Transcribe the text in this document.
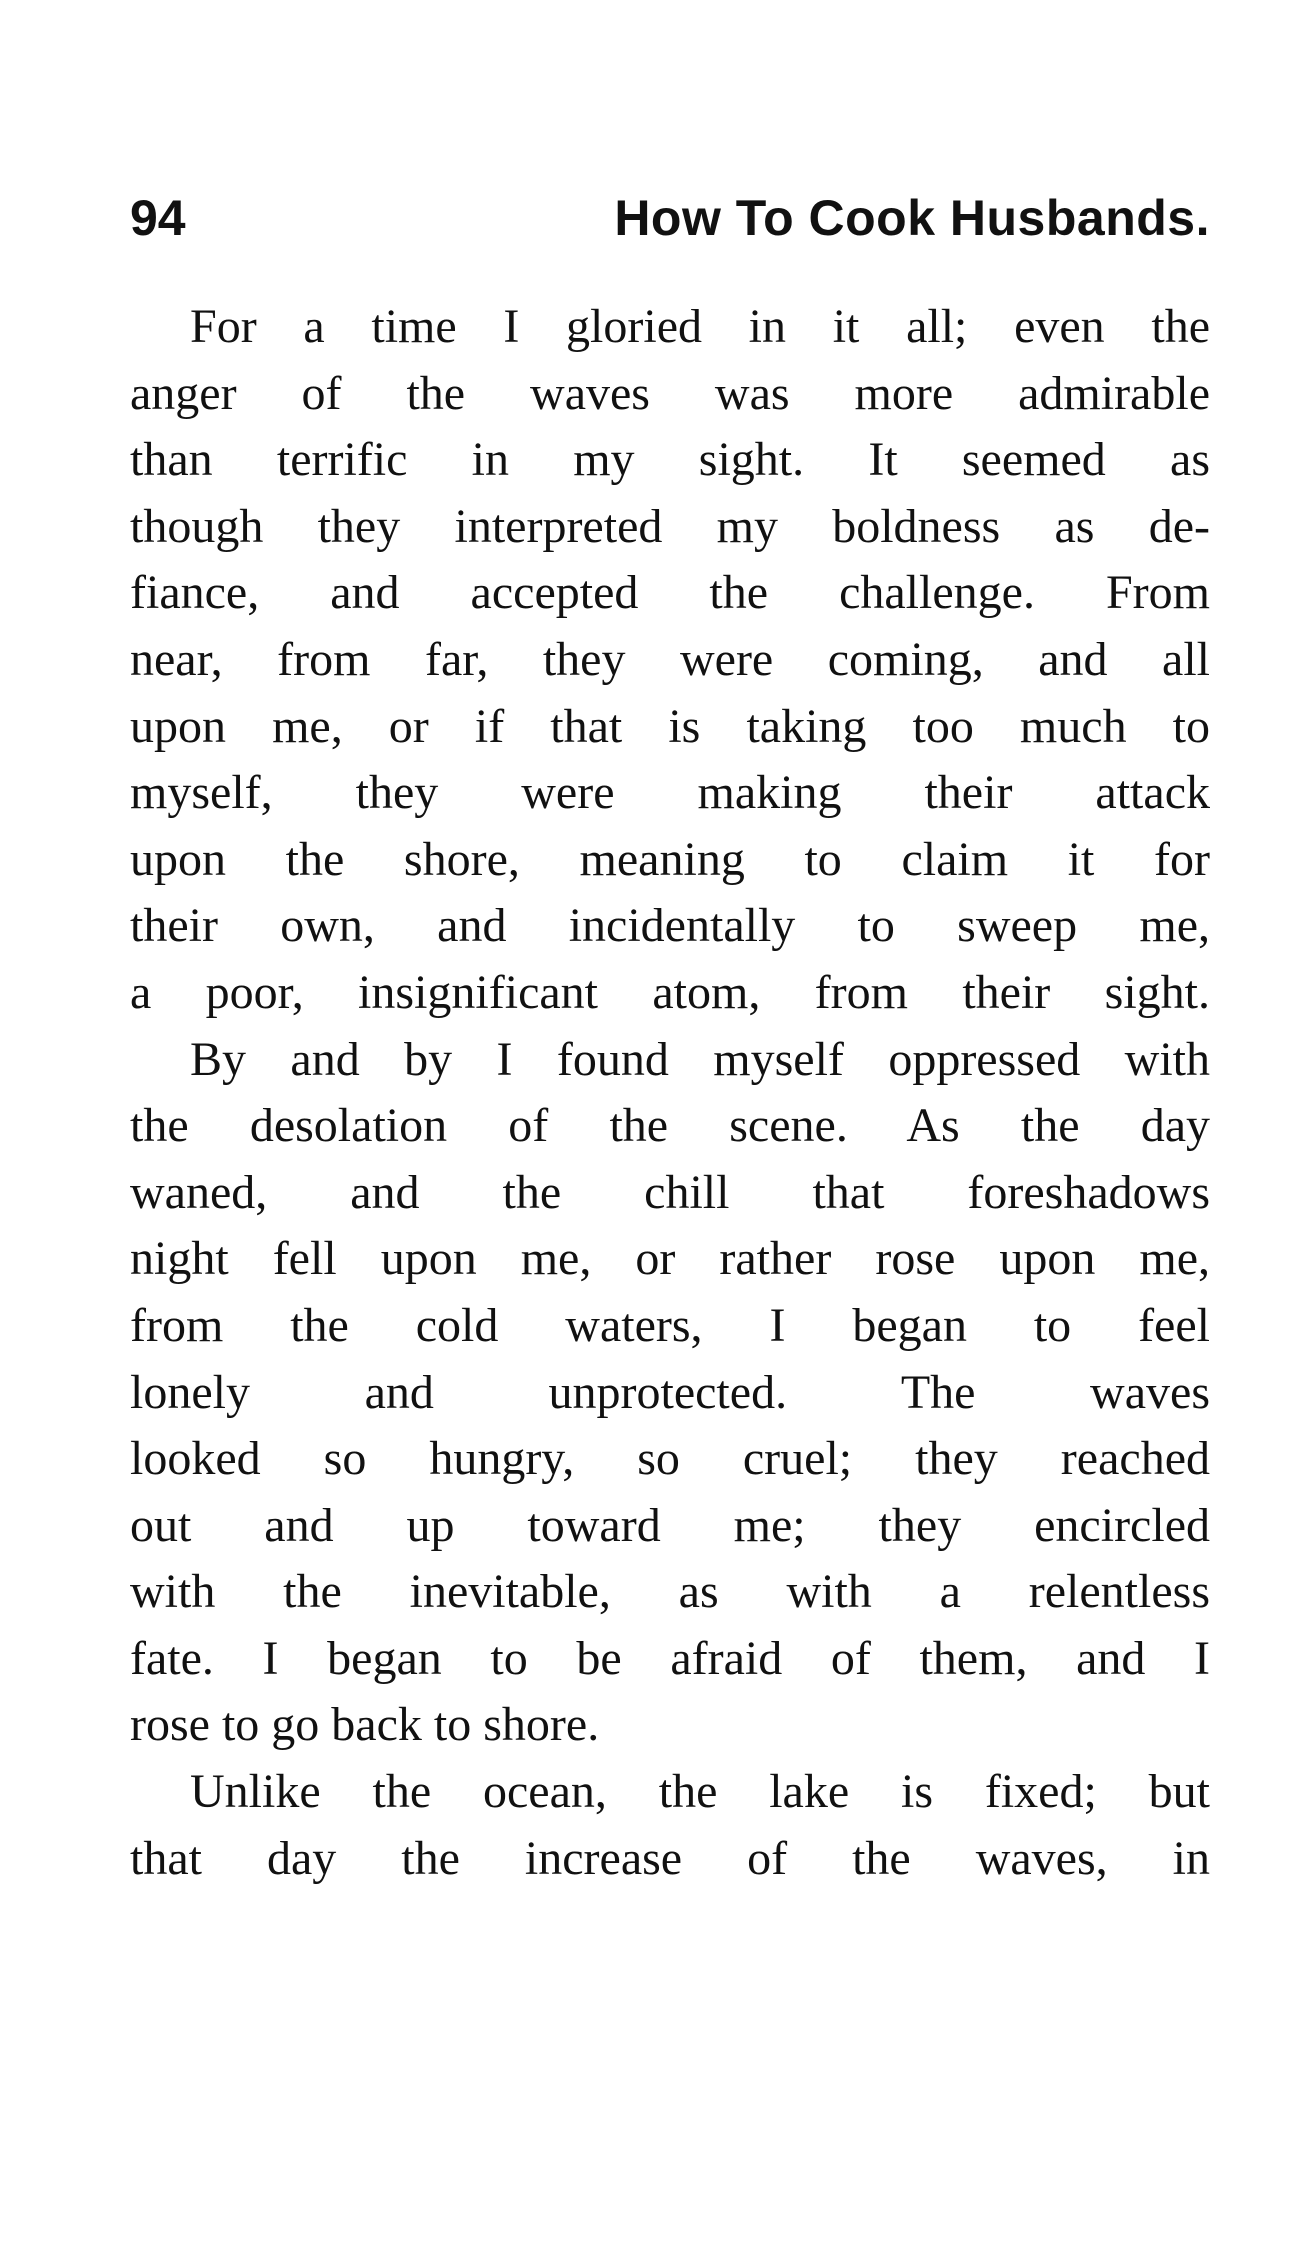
94	How To Cook Husbands.

For a time I gloried in it all; even the
anger of the waves was more admirable
than terrific in my sight. It seemed as
though they interpreted my boldness as de-
fiance, and accepted the challenge. From
near, from far, they were coming, and all
upon me, or if that is taking too much to
myself, they were making their attack
upon the shore, meaning to claim it for
their own, and incidentally to sweep me,
a poor, insignificant atom, from their sight.

By and by I found myself oppressed with
the desolation of the scene. As the day
waned, and the chill that foreshadows
night fell upon me, or rather rose upon me,
from the cold waters, I began to feel
lonely and unprotected. The waves
looked so hungry, so cruel; they reached
out and up toward me; they encircled
with the inevitable, as with a relentless
fate. I began to be afraid of them, and I
rose to go back to shore.

Unlike the ocean, the lake is fixed; but
that day the increase of the waves, in
